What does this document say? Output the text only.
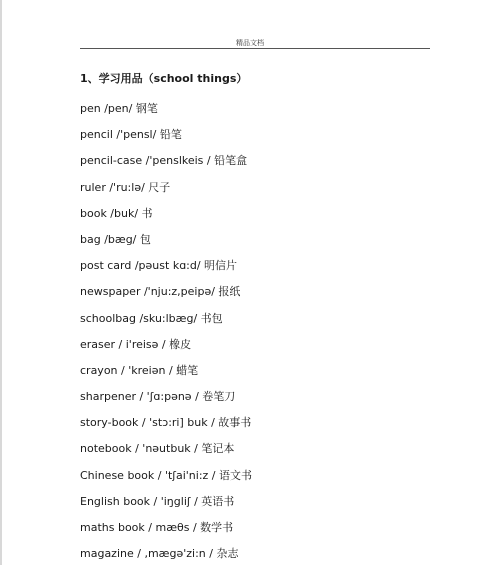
精品文档
1、学习用品（school things）
pen /pen/ 钢笔
pencil /'pensl/ 铅笔
pencil-case /'penslkeis / 铅笔盒
ruler /'ru:lə/ 尺子
book /buk/ 书
bag /bæg/ 包
post card /pəust kɑ:d/ 明信片
newspaper /'nju:z,peipə/ 报纸
schoolbag /sku:lbæg/ 书包
eraser / i'reisə / 橡皮
crayon / 'kreiən / 蜡笔
sharpener / 'ʃɑ:pənə / 卷笔刀
story-book / 'stɔ:ri] buk / 故事书
notebook / 'nəutbuk / 笔记本
Chinese book / 'tʃai'ni:z / 语文书
English book / 'iŋgliʃ / 英语书
maths book / mæθs / 数学书
magazine / ,mægə'zi:n / 杂志
